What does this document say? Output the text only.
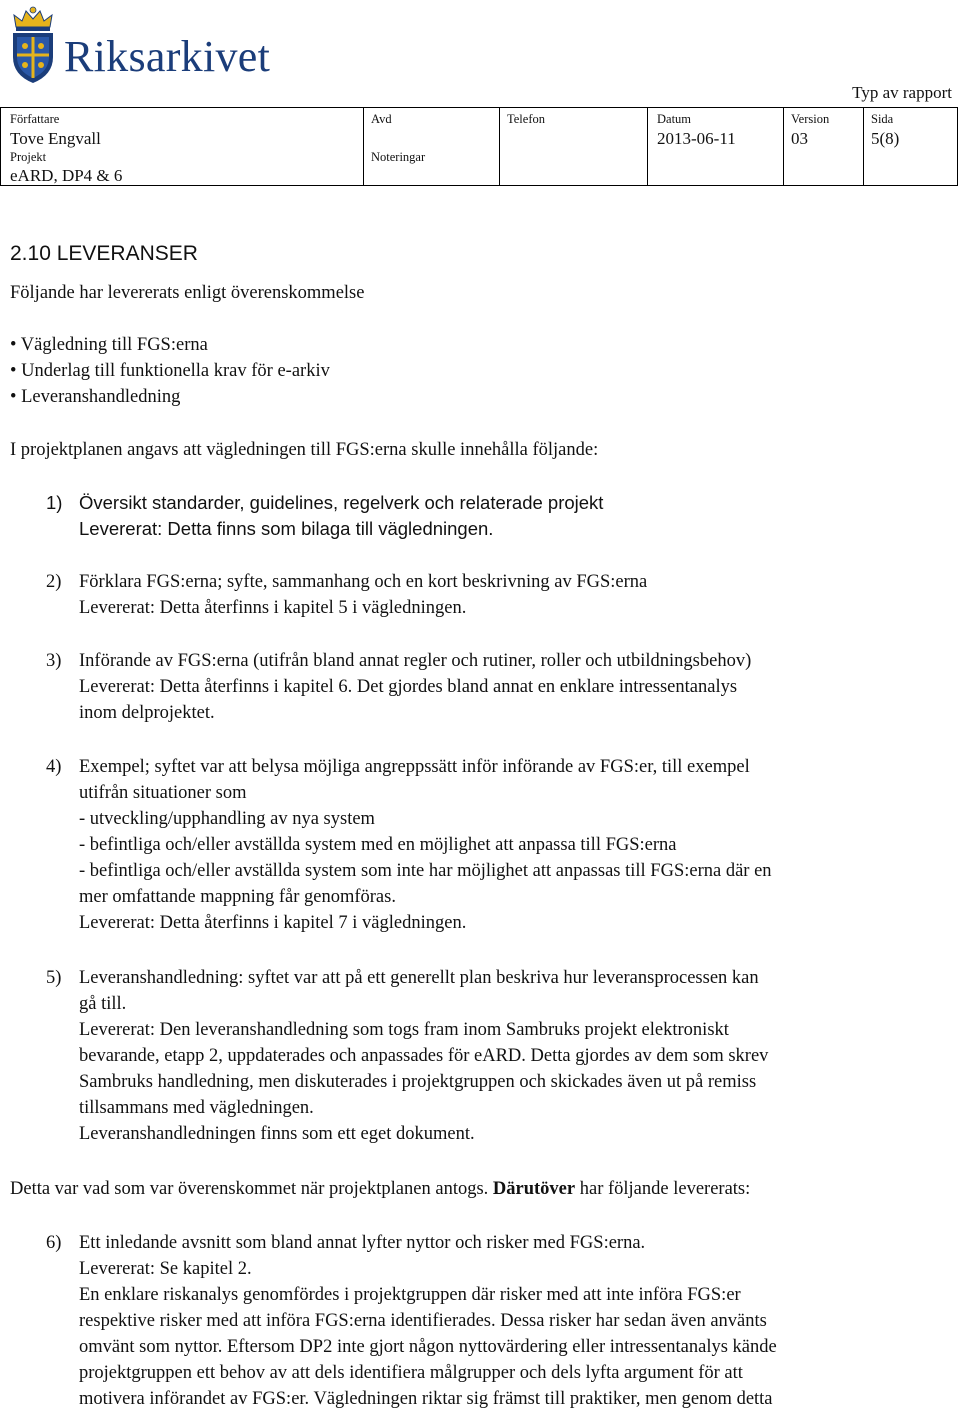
Riksarkivet
Typ av rapport
Författare
Tove Engvall
Projekt
eARD, DP4 & 6
Avd
Noteringar
Telefon	Datum
2013-06-11
Version
03
Sida
5(8)
2.10 LEVERANSER
Följande har levererats enligt överenskommelse
• Vägledning till FGS:erna
• Underlag till funktionella krav för e-arkiv
• Leveranshandledning
I projektplanen angavs att vägledningen till FGS:erna skulle innehålla följande:
1) Översikt standarder, guidelines, regelverk och relaterade projekt
Levererat: Detta finns som bilaga till vägledningen.
2) Förklara FGS:erna; syfte, sammanhang och en kort beskrivning av FGS:erna
Levererat: Detta återfinns i kapitel 5 i vägledningen.
3) Införande av FGS:erna (utifrån bland annat regler och rutiner, roller och utbildningsbehov)
Levererat: Detta återfinns i kapitel 6. Det gjordes bland annat en enklare intressentanalys
inom delprojektet.
4) Exempel; syftet var att belysa möjliga angreppssätt inför införande av FGS:er, till exempel
utifrån situationer som
- utveckling/upphandling av nya system
- befintliga och/eller avställda system med en möjlighet att anpassa till FGS:erna
- befintliga och/eller avställda system som inte har möjlighet att anpassas till FGS:erna där en
mer omfattande mappning får genomföras.
Levererat: Detta återfinns i kapitel 7 i vägledningen.
5) Leveranshandledning: syftet var att på ett generellt plan beskriva hur leveransprocessen kan
gå till.
Levererat: Den leveranshandledning som togs fram inom Sambruks projekt elektroniskt
bevarande, etapp 2, uppdaterades och anpassades för eARD. Detta gjordes av dem som skrev
Sambruks handledning, men diskuterades i projektgruppen och skickades även ut på remiss
tillsammans med vägledningen.
Leveranshandledningen finns som ett eget dokument.
Detta var vad som var överenskommet när projektplanen antogs. Därutöver har följande levererats:
6) Ett inledande avsnitt som bland annat lyfter nyttor och risker med FGS:erna.
Levererat: Se kapitel 2.
En enklare riskanalys genomfördes i projektgruppen där risker med att inte införa FGS:er
respektive risker med att införa FGS:erna identifierades. Dessa risker har sedan även använts
omvänt som nyttor. Eftersom DP2 inte gjort någon nyttovärdering eller intressentanalys kände
projektgruppen ett behov av att dels identifiera målgrupper och dels lyfta argument för att
motivera införandet av FGS:er. Vägledningen riktar sig främst till praktiker, men genom detta
